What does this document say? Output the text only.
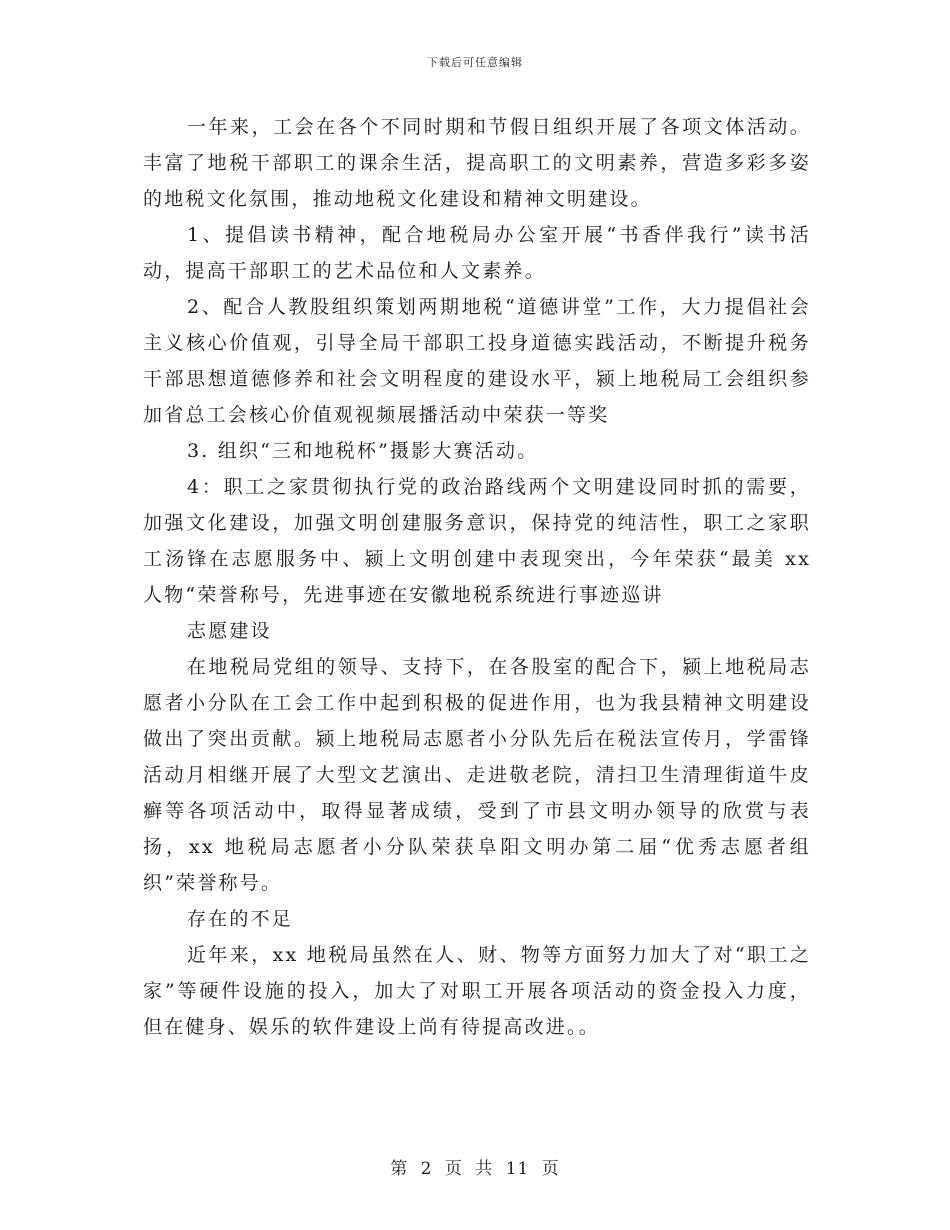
下载后可任意编辑

一年来，工会在各个不同时期和节假日组织开展了各项文体活动。丰富了地税干部职工的课余生活，提高职工的文明素养，营造多彩多姿的地税文化氛围，推动地税文化建设和精神文明建设。

1、提倡读书精神，配合地税局办公室开展“书香伴我行”读书活动，提高干部职工的艺术品位和人文素养。

2、配合人教股组织策划两期地税“道德讲堂”工作，大力提倡社会主义核心价值观，引导全局干部职工投身道德实践活动，不断提升税务干部思想道德修养和社会文明程度的建设水平，颍上地税局工会组织参加省总工会核心价值观视频展播活动中荣获一等奖

3. 组织“三和地税杯”摄影大赛活动。

4：职工之家贯彻执行党的政治路线两个文明建设同时抓的需要，加强文化建设，加强文明创建服务意识，保持党的纯洁性，职工之家职工汤锋在志愿服务中、颍上文明创建中表现突出，今年荣获“最美 xx 人物“荣誉称号，先进事迹在安徽地税系统进行事迹巡讲

志愿建设

在地税局党组的领导、支持下，在各股室的配合下，颍上地税局志愿者小分队在工会工作中起到积极的促进作用，也为我县精神文明建设做出了突出贡献。颍上地税局志愿者小分队先后在税法宣传月，学雷锋活动月相继开展了大型文艺演出、走进敬老院，清扫卫生清理街道牛皮癣等各项活动中，取得显著成绩，受到了市县文明办领导的欣赏与表扬，xx 地税局志愿者小分队荣获阜阳文明办第二届“优秀志愿者组织”荣誉称号。

存在的不足

近年来，xx 地税局虽然在人、财、物等方面努力加大了对“职工之家”等硬件设施的投入，加大了对职工开展各项活动的资金投入力度，但在健身、娱乐的软件建设上尚有待提高改进。。

第 2 页 共 11 页
